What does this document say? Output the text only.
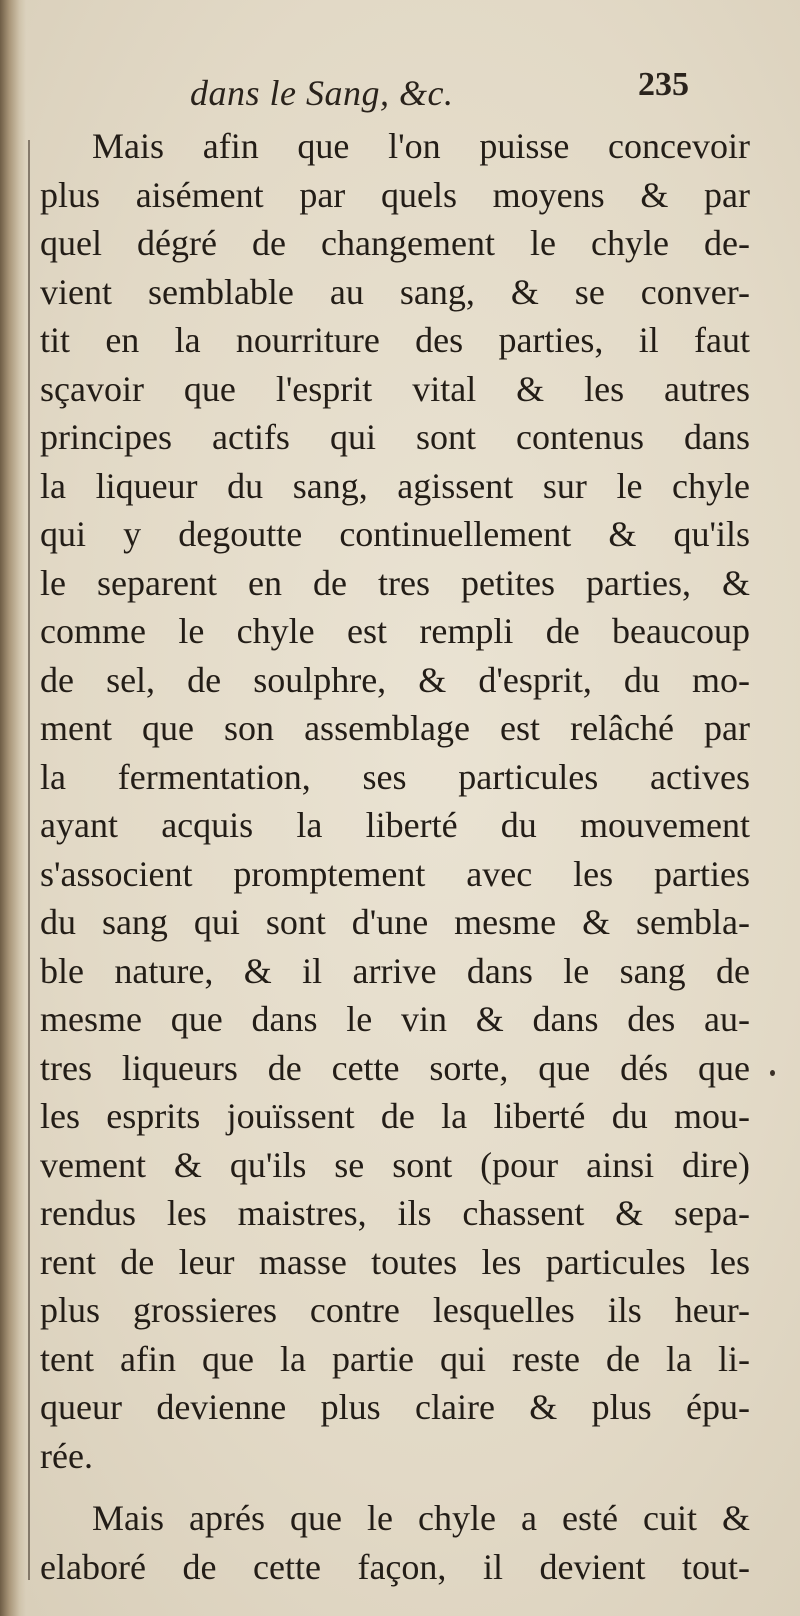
dans le Sang, &c.	235
Mais afin que l'on puisse concevoir
plus aisément par quels moyens & par
quel dégré de changement le chyle de-
vient semblable au sang, & se conver-
tit en la nourriture des parties, il faut
sçavoir que l'esprit vital & les autres
principes actifs qui sont contenus dans
la liqueur du sang, agissent sur le chyle
qui y degoutte continuellement & qu'ils
le separent en de tres petites parties, &
comme le chyle est rempli de beaucoup
de sel, de soulphre, & d'esprit, du mo-
ment que son assemblage est relâché par
la fermentation, ses particules actives
ayant acquis la liberté du mouvement
s'associent promptement avec les parties
du sang qui sont d'une mesme & sembla-
ble nature, & il arrive dans le sang de
mesme que dans le vin & dans des au-
tres liqueurs de cette sorte, que dés que
les esprits jouïssent de la liberté du mou-
vement & qu'ils se sont (pour ainsi dire)
rendus les maistres, ils chassent & sepa-
rent de leur masse toutes les particules les
plus grossieres contre lesquelles ils heur-
tent afin que la partie qui reste de la li-
queur devienne plus claire & plus épu-
rée.
Mais aprés que le chyle a esté cuit &
elaboré de cette façon, il devient tout-
